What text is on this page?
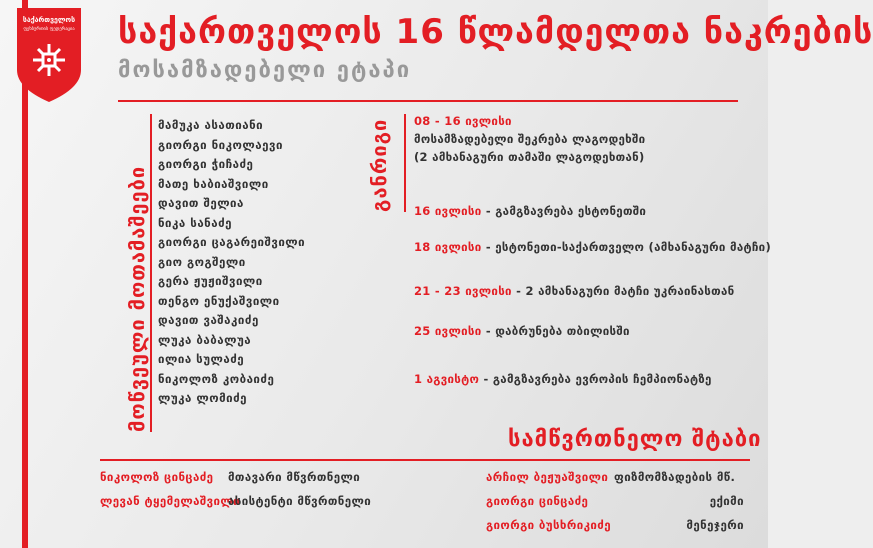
საქართველოს
ფეხბურთის ფედერაცია საქართველოს 16 წლამდელთა ნაკრების
მოსამზადებელი ეტაპი
მოწვეული მოთამაშეები
მამუკა ასათიანი
გიორგი ნიკოლაევი
გიორგი ჭიჩაძე
მათე ხაბიაშვილი
დავით შელია
ნიკა სანაძე
გიორგი ცაგარეიშვილი
გიო გოგშელი
გერა ჟუჟიშვილი
თენგო ენუქაშვილი
დავით ვაშაკიძე
ლუკა ბაბალუა
ილია სულაძე
ნიკოლოზ კობაიძე
ლუკა ლომიძე
განრიგი 08 - 16 ივლისი
მოსამზადებელი შეკრება ლაგოდეხში
(2 ამხანაგური თამაში ლაგოდეხთან)
16 ივლისი - გამგზავრება ესტონეთში
18 ივლისი - ესტონეთი-საქართველო (ამხანაგური მატჩი)
21 - 23 ივლისი - 2 ამხანაგური მატჩი უკრაინასთან
25 ივლისი - დაბრუნება თბილისში
1 აგვისტო - გამგზავრება ევროპის ჩემპიონატზე
სამწვრთნელო შტაბი
ნიკოლოზ ცინცაძე მთავარი მწვრთნელი
ლევან ტყემელაშვილიასისტენტი მწვრთნელი
არჩილ ბეჟუაშვილი ფიზმომზადების მწ.
გიორგი ცინცაძე	ექიმი
გიორგი ბუსხრიკიძე	მენეჯერი
